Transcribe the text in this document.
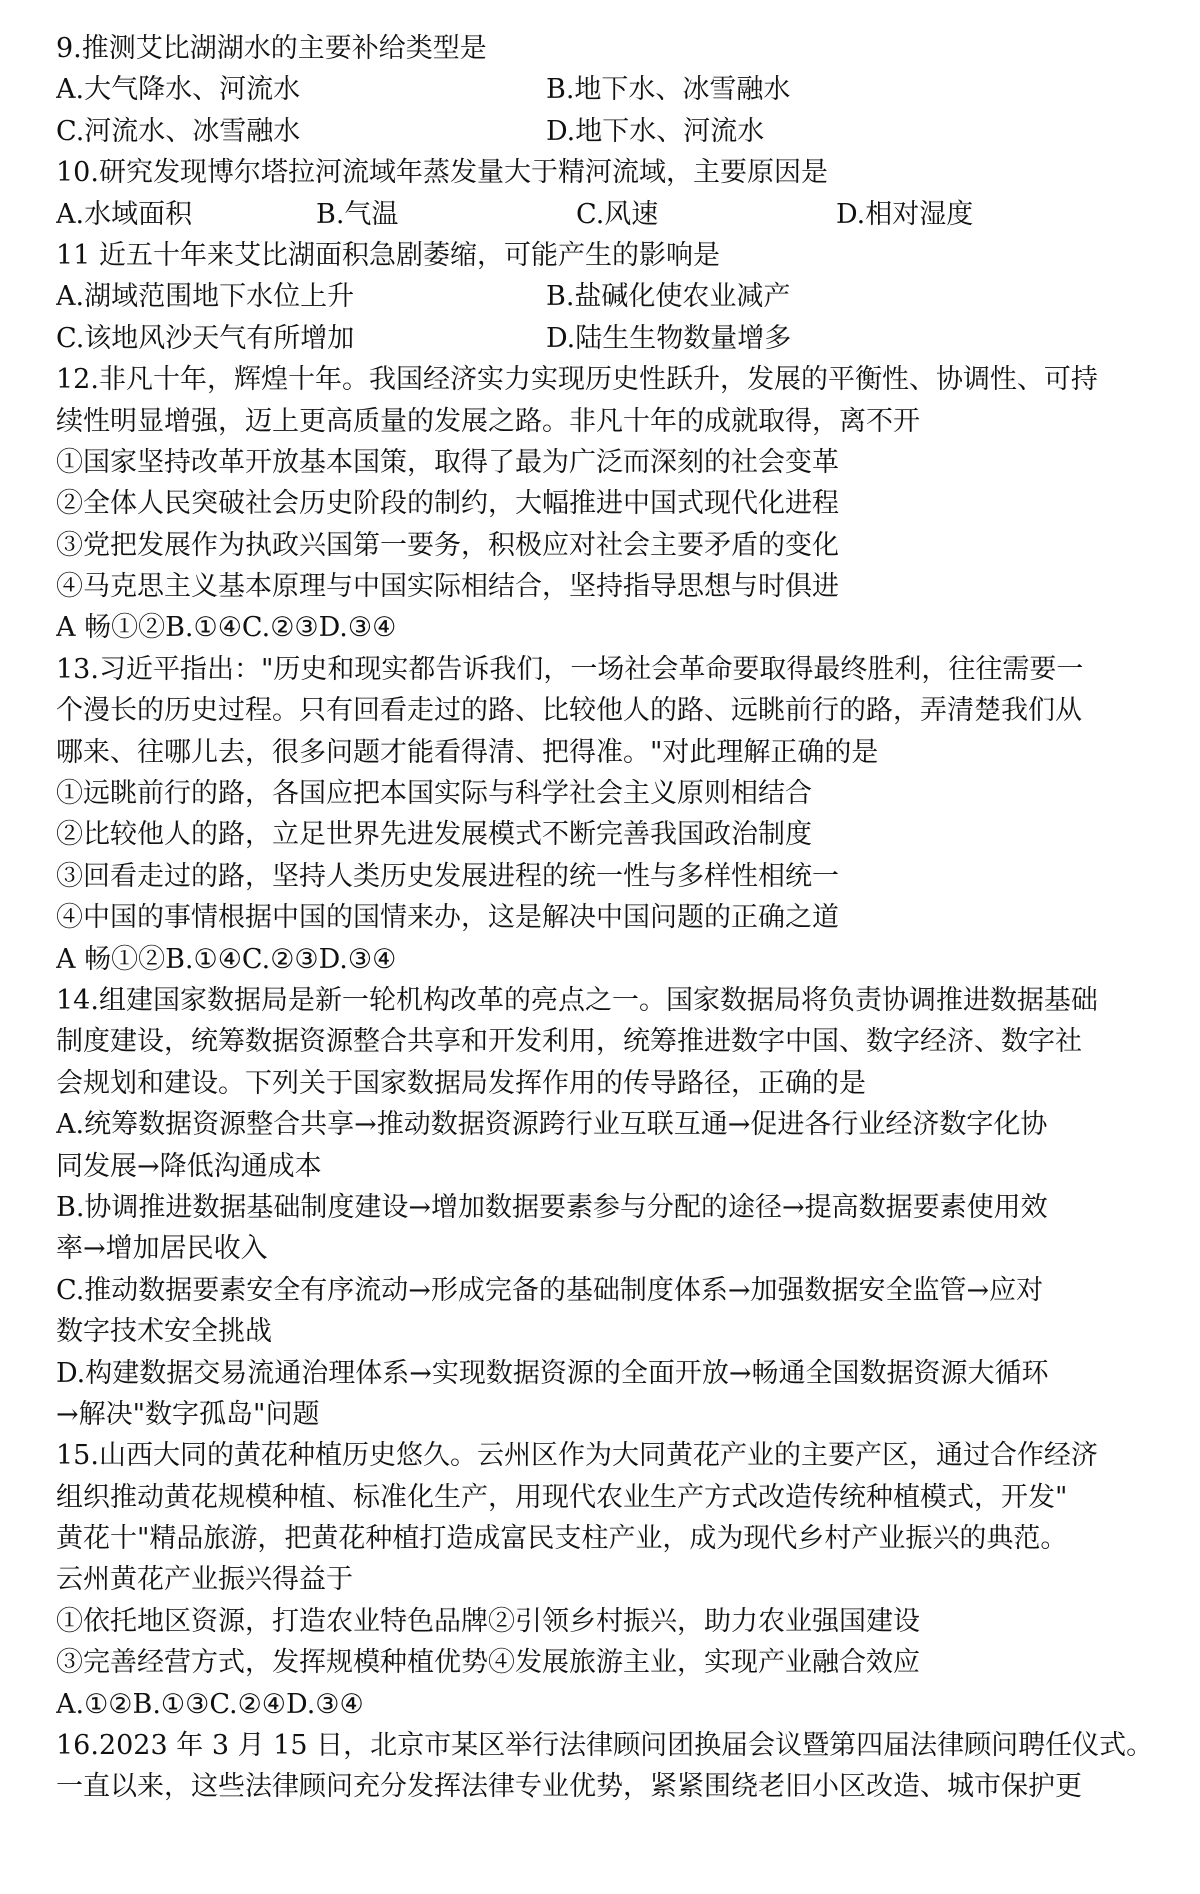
9.推测艾比湖湖水的主要补给类型是
A.大气降水、河流水	B.地下水、冰雪融水
C.河流水、冰雪融水	D.地下水、河流水
10.研究发现博尔塔拉河流域年蒸发量大于精河流域，主要原因是
A.水域面积	B.气温	C.风速	D.相对湿度
11 近五十年来艾比湖面积急剧萎缩，可能产生的影响是
A.湖域范围地下水位上升	B.盐碱化使农业减产
C.该地风沙天气有所增加	D.陆生生物数量增多
12.非凡十年，辉煌十年。我国经济实力实现历史性跃升，发展的平衡性、协调性、可持
续性明显增强，迈上更高质量的发展之路。非凡十年的成就取得，离不开
①国家坚持改革开放基本国策，取得了最为广泛而深刻的社会变革
②全体人民突破社会历史阶段的制约，大幅推进中国式现代化进程
③党把发展作为执政兴国第一要务，积极应对社会主要矛盾的变化
④马克思主义基本原理与中国实际相结合，坚持指导思想与时俱进
A 畅①②B.①④C.②③D.③④
13.习近平指出："历史和现实都告诉我们，一场社会革命要取得最终胜利，往往需要一
个漫长的历史过程。只有回看走过的路、比较他人的路、远眺前行的路，弄清楚我们从
哪来、往哪儿去，很多问题才能看得清、把得准。"对此理解正确的是
①远眺前行的路，各国应把本国实际与科学社会主义原则相结合
②比较他人的路，立足世界先进发展模式不断完善我国政治制度
③回看走过的路，坚持人类历史发展进程的统一性与多样性相统一
④中国的事情根据中国的国情来办，这是解决中国问题的正确之道
A 畅①②B.①④C.②③D.③④
14.组建国家数据局是新一轮机构改革的亮点之一。国家数据局将负责协调推进数据基础
制度建设，统筹数据资源整合共享和开发利用，统筹推进数字中国、数字经济、数字社
会规划和建设。下列关于国家数据局发挥作用的传导路径，正确的是
A.统筹数据资源整合共享→推动数据资源跨行业互联互通→促进各行业经济数字化协
同发展→降低沟通成本
B.协调推进数据基础制度建设→增加数据要素参与分配的途径→提高数据要素使用效
率→增加居民收入
C.推动数据要素安全有序流动→形成完备的基础制度体系→加强数据安全监管→应对
数字技术安全挑战
D.构建数据交易流通治理体系→实现数据资源的全面开放→畅通全国数据资源大循环
→解决"数字孤岛"问题
15.山西大同的黄花种植历史悠久。云州区作为大同黄花产业的主要产区，通过合作经济
组织推动黄花规模种植、标准化生产，用现代农业生产方式改造传统种植模式，开发"
黄花十"精品旅游，把黄花种植打造成富民支柱产业，成为现代乡村产业振兴的典范。
云州黄花产业振兴得益于
①依托地区资源，打造农业特色品牌②引领乡村振兴，助力农业强国建设
③完善经营方式，发挥规模种植优势④发展旅游主业，实现产业融合效应
A.①②B.①③C.②④D.③④
16.2023 年 3 月 15 日，北京市某区举行法律顾问团换届会议暨第四届法律顾问聘任仪式。
一直以来，这些法律顾问充分发挥法律专业优势，紧紧围绕老旧小区改造、城市保护更
